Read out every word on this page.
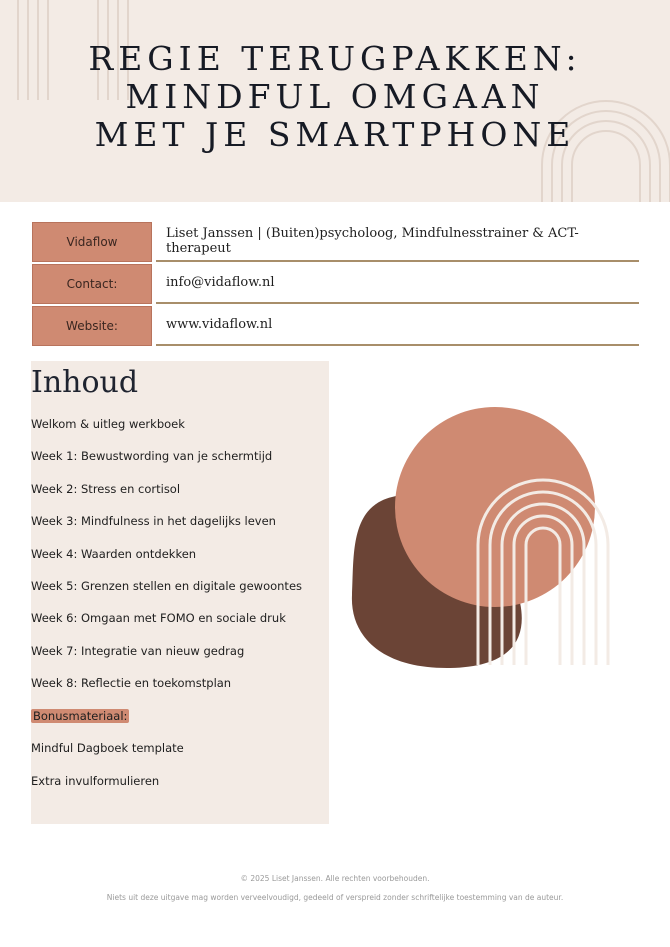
REGIE TERUGPAKKEN:
MINDFUL OMGAAN
MET JE SMARTPHONE
Vidaflow
Liset Janssen | (Buiten)psycholoog, Mindfulnesstrainer & ACT-therapeut
Contact:	info@vidaflow.nl
Website:	www.vidaflow.nl
Inhoud
Welkom & uitleg werkboek
Week 1: Bewustwording van je schermtijd
Week 2: Stress en cortisol
Week 3: Mindfulness in het dagelijks leven
Week 4: Waarden ontdekken
Week 5: Grenzen stellen en digitale gewoontes
Week 6: Omgaan met FOMO en sociale druk
Week 7: Integratie van nieuw gedrag
Week 8: Reflectie en toekomstplan
Bonusmateriaal:
Mindful Dagboek template
Extra invulformulieren
© 2025 Liset Janssen. Alle rechten voorbehouden.
Niets uit deze uitgave mag worden verveelvoudigd, gedeeld of verspreid zonder schriftelijke toestemming van de auteur.
